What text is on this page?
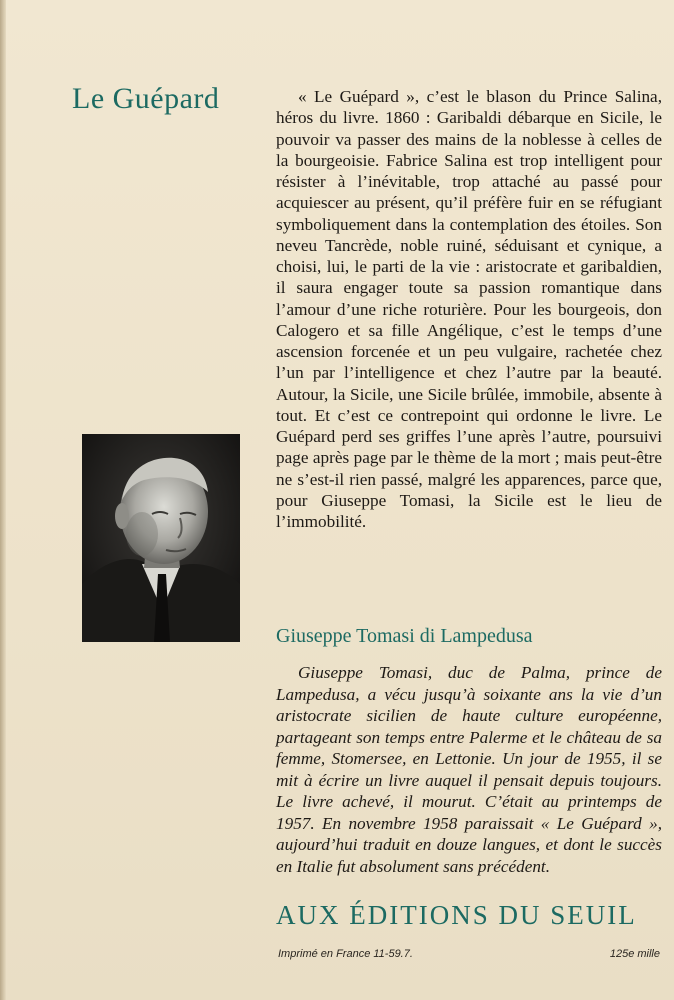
Le Guépard	« Le Guépard », c’est le blason du Prince Salina, héros du livre. 1860 : Garibaldi débarque en Sicile, le pouvoir va passer des mains de la noblesse à celles de la bourgeoisie. Fabrice Salina est trop intelligent pour résister à l’inévitable, trop attaché au passé pour acquiescer au présent, qu’il préfère fuir en se réfugiant symboliquement dans la contemplation des étoiles. Son neveu Tancrède, noble ruiné, séduisant et cynique, a choisi, lui, le parti de la vie : aristocrate et garibaldien, il saura engager toute sa passion romantique dans l’amour d’une riche roturière. Pour les bourgeois, don Calogero et sa fille Angélique, c’est le temps d’une ascension forcenée et un peu vulgaire, rachetée chez l’un par l’intelligence et chez l’autre par la beauté. Autour, la Sicile, une Sicile brûlée, immobile, absente à tout. Et c’est ce contrepoint qui ordonne le livre. Le Guépard perd ses griffes l’une après l’autre, poursuivi page après page par le thème de la mort ; mais peut-être ne s’est-il rien passé, malgré les apparences, parce que, pour Giuseppe Tomasi, la Sicile est le lieu de l’immobilité.

Giuseppe Tomasi di Lampedusa

Giuseppe Tomasi, duc de Palma, prince de Lampedusa, a vécu jusqu’à soixante ans la vie d’un aristocrate sicilien de haute culture européenne, partageant son temps entre Palerme et le château de sa femme, Stomersee, en Lettonie. Un jour de 1955, il se mit à écrire un livre auquel il pensait depuis toujours. Le livre achevé, il mourut. C’était au printemps de 1957. En novembre 1958 paraissait « Le Guépard », aujourd’hui traduit en douze langues, et dont le succès en Italie fut absolument sans précédent.

AUX ÉDITIONS DU SEUIL
Imprimé en France 11-59.7.	125e mille
